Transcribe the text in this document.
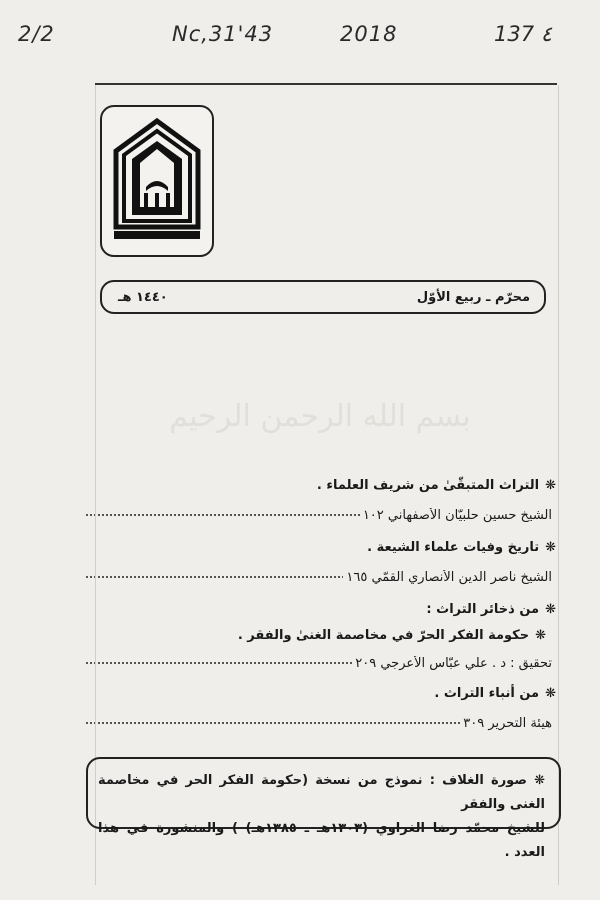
2/2	Nc,31'43	2018	137 ٤
محرّم ـ ربيع الأوّل
١٤٤٠ هـ
بسم الله الرحمن الرحيم
❋التراث المتبقّىٰ من شريف العلماء .
الشيخ حسين حلبيّان الأصفهاني ١٠٢
❋تاريخ وفيات علماء الشيعة .
الشيخ ناصر الدين الأنصاري القمّي ١٦٥
❋من ذخائر التراث :
❋حكومة الفكر الحرّ في مخاصمة الغنىٰ والفقر .
تحقيق : د . علي عبّاس الأعرجي ٢٠٩
❋من أنباء التراث .
هيئة التحرير ٣٠٩
❋ صورة الغلاف : نموذج من نسخة (حكومة الفكر الحر في مخاصمة الغنى والفقر
للشيخ محمّد رضا الغراوي (١٣٠٣هـ ـ ١٣٨٥هـ) ) والمنشورة في هذا العدد .
